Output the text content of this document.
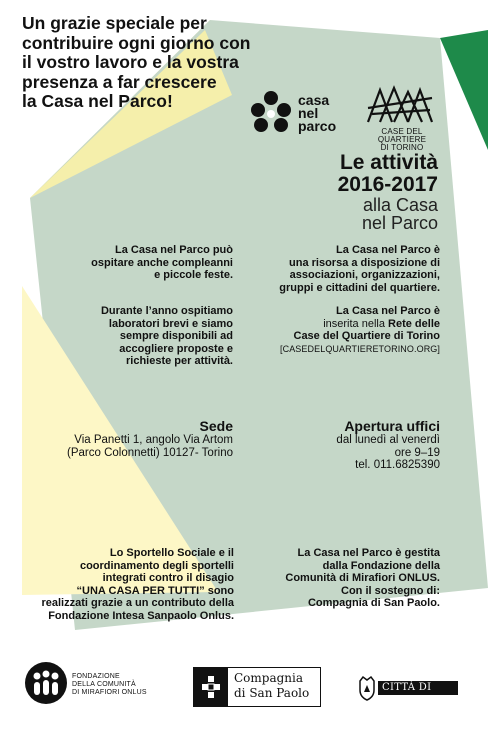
Un grazie speciale per
contribuire ogni giorno con
il vostro lavoro e la vostra
presenza a far crescere
la Casa nel Parco!	casa
nel
parco	CASE DEL QUARTIERE
DI TORINO
Le attività
2016-2017
alla Casa
nel Parco
La Casa nel Parco può
ospitare anche compleanni
e piccole feste.
Durante l’anno ospitiamo
laboratori brevi e siamo
sempre disponibili ad
accogliere proposte e
richieste per attività.
La Casa nel Parco è
una risorsa a disposizione di
associazioni, organizzazioni,
gruppi e cittadini del quartiere.
La Casa nel Parco è
inserita nella Rete delle
Case del Quartiere di Torino
[CASEDELQUARTIERETORINO.ORG]
Sede
Via Panetti 1, angolo Via Artom
(Parco Colonnetti) 10127- Torino
Apertura uffici
dal lunedì al venerdì
ore 9–19
tel. 011.6825390
Lo Sportello Sociale e il
coordinamento degli sportelli
integrati contro il disagio
“UNA CASA PER TUTTI” sono
realizzati grazie a un contributo della
Fondazione Intesa Sanpaolo Onlus.
La Casa nel Parco è gestita
dalla Fondazione della
Comunità di Mirafiori ONLUS.
Con il sostegno di:
Compagnia di San Paolo.
FONDAZIONE
DELLA COMUNITÀ
DI MIRAFIORI ONLUS
Compagnia
di San Paolo	CITTÀ DI TORINO
